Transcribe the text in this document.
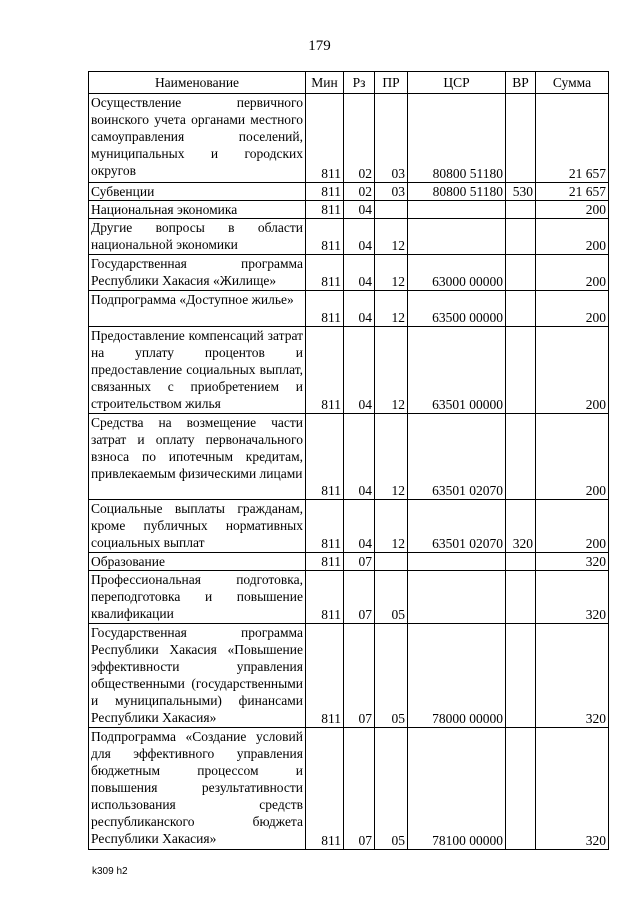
179
Наименование	Мин	Рз	ПР	ЦСР	ВР	Сумма
Осуществление первичного воинского учета органами местного самоуправления поселений, муниципальных и городских округов	811	02	03	80800 51180		21 657
Субвенции	811	02	03	80800 51180	530	21 657
Национальная экономика	811	04				200
Другие вопросы в области национальной экономики	811	04	12			200
Государственная программа Республики Хакасия «Жилище»	811	04	12	63000 00000		200
Подпрограмма «Доступное жилье»	811	04	12	63500 00000		200
Предоставление компенсаций затрат на уплату процентов и предоставление социальных выплат, связанных с приобретением и строительством жилья	811	04	12	63501 00000		200
Средства на возмещение части затрат и оплату первоначального взноса по ипотечным кредитам, привлекаемым физическими лицами	811	04	12	63501 02070		200
Социальные выплаты гражданам, кроме публичных нормативных социальных выплат	811	04	12	63501 02070	320	200
Образование	811	07				320
Профессиональная подготовка, переподготовка и повышение квалификации	811	07	05			320
Государственная программа Республики Хакасия «Повышение эффективности управления общественными (государственными и муниципальными) финансами Республики Хакасия»	811	07	05	78000 00000		320
Подпрограмма «Создание условий для эффективного управления бюджетным процессом и повышения результативности использования средств республиканского бюджета Республики Хакасия»	811	07	05	78100 00000		320
k309 h2
